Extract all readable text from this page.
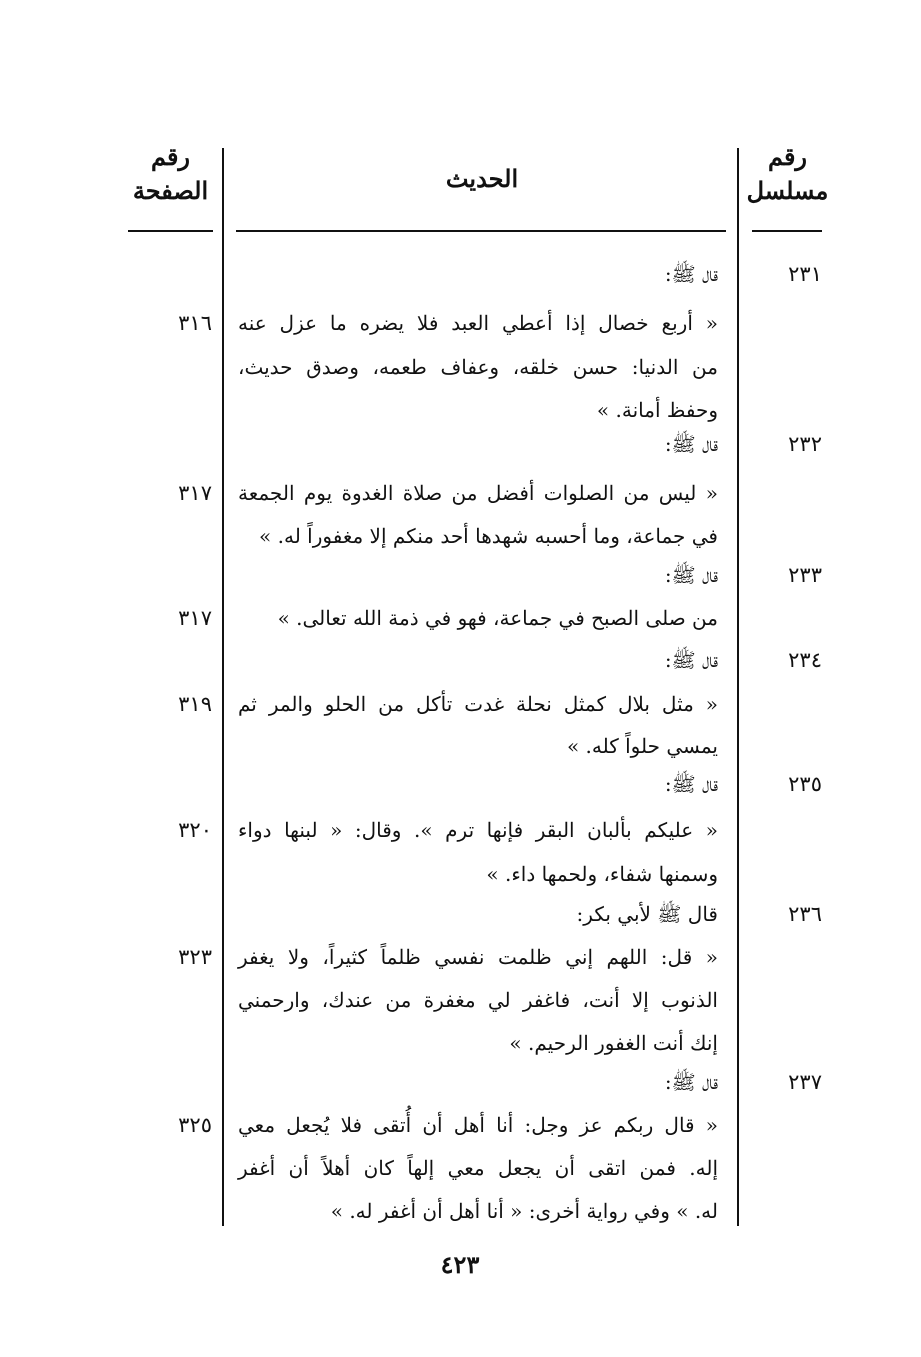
رقم مسلسل
الحديث
رقم الصفحة
٢٣١
٣١٦
قال ﷺ:
« أربع خصال إذا أعطي العبد فلا يضره ما عزل عنه
من الدنيا: حسن خلقه، وعفاف طعمه، وصدق حديث،
وحفظ أمانة. »
٢٣٢
٣١٧
قال ﷺ:
« ليس من الصلوات أفضل من صلاة الغدوة يوم الجمعة
في جماعة، وما أحسبه شهدها أحد منكم إلا مغفوراً له. »
٢٣٣
٣١٧
قال ﷺ:
من صلى الصبح في جماعة، فهو في ذمة الله تعالى. »
٢٣٤
٣١٩
قال ﷺ:
« مثل بلال كمثل نحلة غدت تأكل من الحلو والمر ثم
يمسي حلواً كله. »
٢٣٥
٣٢٠
قال ﷺ:
« عليكم بألبان البقر فإنها ترم ». وقال: « لبنها دواء
وسمنها شفاء، ولحمها داء. »
٢٣٦
٣٢٣
قال ﷺ لأبي بكر:
« قل: اللهم إني ظلمت نفسي ظلماً كثيراً، ولا يغفر
الذنوب إلا أنت، فاغفر لي مغفرة من عندك، وارحمني
إنك أنت الغفور الرحيم. »
٢٣٧
٣٢٥
قال ﷺ:
« قال ربكم عز وجل: أنا أهل أن أُتقى فلا يُجعل معي
إله. فمن اتقى أن يجعل معي إلهاً كان أهلاً أن أغفر
له. » وفي رواية أخرى: « أنا أهل أن أغفر له. »
٤٢٣
